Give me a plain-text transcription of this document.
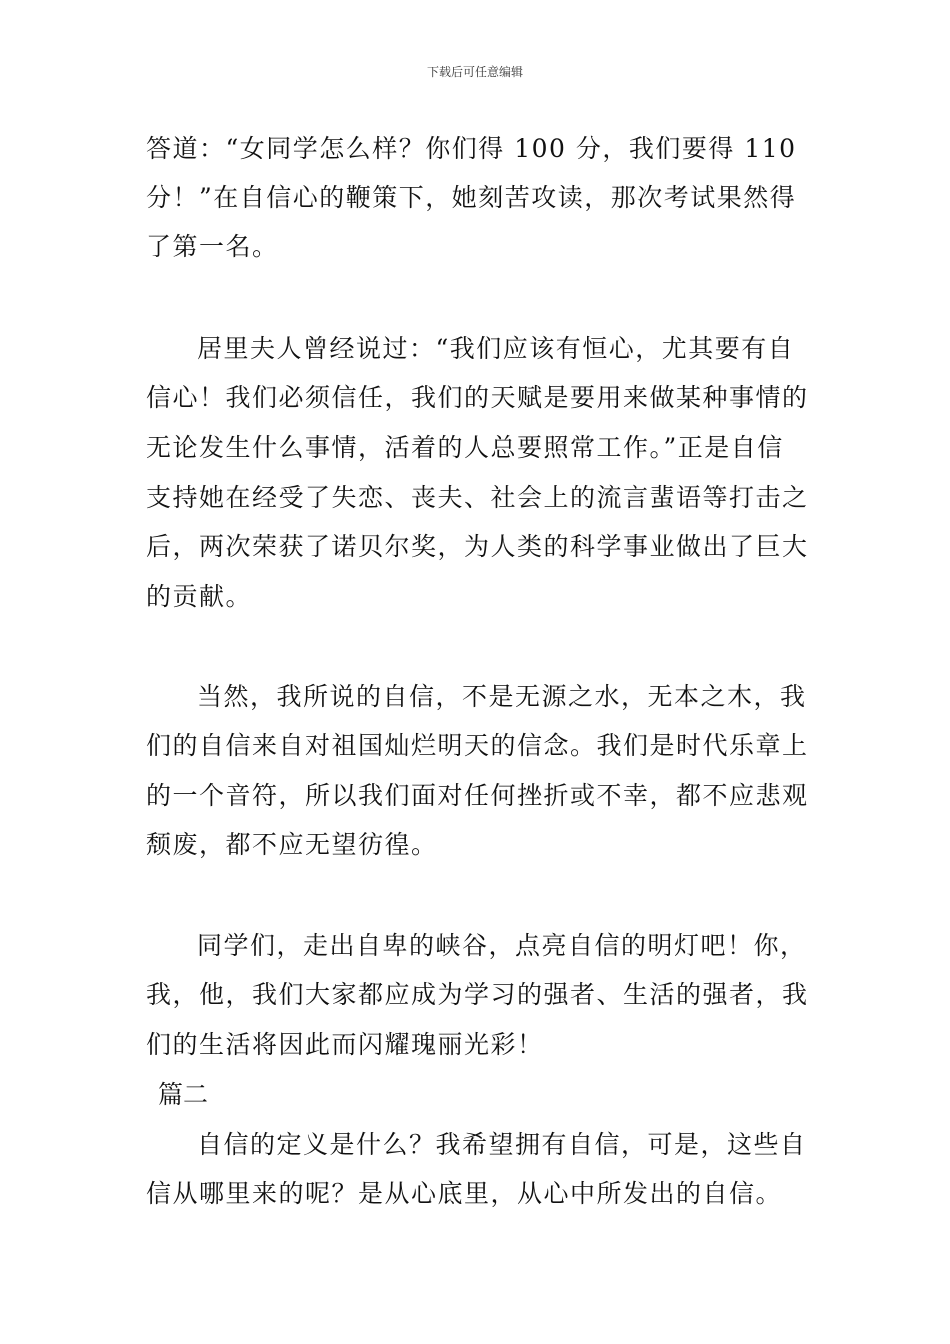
下载后可任意编辑
答道：“女同学怎么样？你们得 100 分，我们要得 110
分！”在自信心的鞭策下，她刻苦攻读，那次考试果然得
了第一名。
居里夫人曾经说过：“我们应该有恒心，尤其要有自
信心！我们必须信任，我们的天赋是要用来做某种事情的
无论发生什么事情，活着的人总要照常工作。”正是自信
支持她在经受了失恋、丧夫、社会上的流言蜚语等打击之
后，两次荣获了诺贝尔奖，为人类的科学事业做出了巨大
的贡献。
当然，我所说的自信，不是无源之水，无本之木，我
们的自信来自对祖国灿烂明天的信念。我们是时代乐章上
的一个音符，所以我们面对任何挫折或不幸，都不应悲观
颓废，都不应无望彷徨。
同学们，走出自卑的峡谷，点亮自信的明灯吧！你，
我，他，我们大家都应成为学习的强者、生活的强者，我
们的生活将因此而闪耀瑰丽光彩！
篇二
自信的定义是什么？我希望拥有自信，可是，这些自
信从哪里来的呢？是从心底里，从心中所发出的自信。
